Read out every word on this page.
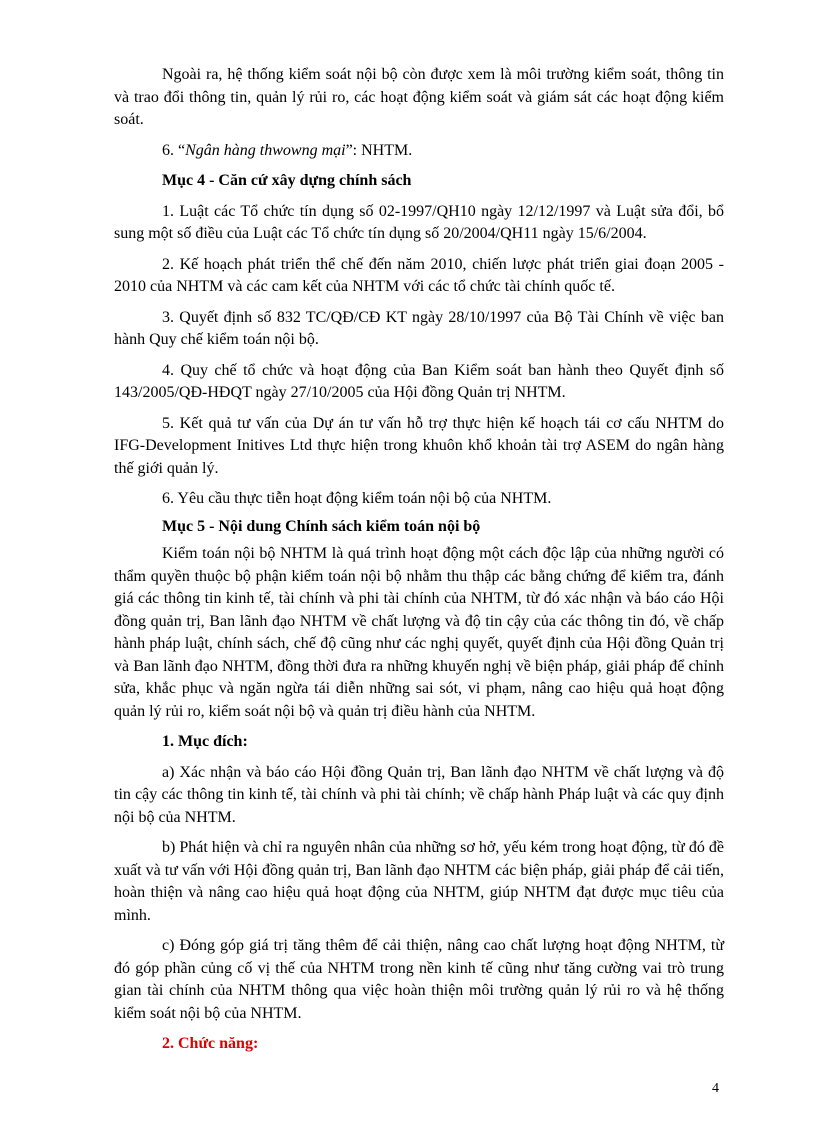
Ngoài ra, hệ thống kiểm soát nội bộ còn được xem là môi trường kiểm soát, thông tin và trao đổi thông tin, quản lý rủi ro, các hoạt động kiểm soát và giám sát các hoạt động kiểm soát.

6. “Ngân hàng thwowng mại”: NHTM.

Mục 4 - Căn cứ xây dựng chính sách

1. Luật các Tổ chức tín dụng số 02-1997/QH10 ngày 12/12/1997 và Luật sửa đổi, bổ sung một số điều của Luật các Tổ chức tín dụng số 20/2004/QH11 ngày 15/6/2004.

2. Kế hoạch phát triển thể chế đến năm 2010, chiến lược phát triển giai đoạn 2005 - 2010 của NHTM và các cam kết của NHTM với các tổ chức tài chính quốc tế.

3. Quyết định số 832 TC/QĐ/CĐ KT ngày 28/10/1997 của Bộ Tài Chính về việc ban hành Quy chế kiểm toán nội bộ.

4. Quy chế tổ chức và hoạt động của Ban Kiểm soát ban hành theo Quyết định số 143/2005/QĐ-HĐQT ngày 27/10/2005 của Hội đồng Quản trị NHTM.

5. Kết quả tư vấn của Dự án tư vấn hỗ trợ thực hiện kế hoạch tái cơ cấu NHTM do IFG-Development Initives Ltd thực hiện trong khuôn khổ khoản tài trợ ASEM do ngân hàng thế giới quản lý.

6. Yêu cầu thực tiễn hoạt động kiểm toán nội bộ của NHTM.

Mục 5 - Nội dung Chính sách kiểm toán nội bộ

Kiểm toán nội bộ NHTM là quá trình hoạt động một cách độc lập của những người có thẩm quyền thuộc bộ phận kiểm toán nội bộ nhằm thu thập các bằng chứng để kiểm tra, đánh giá các thông tin kinh tế, tài chính và phi tài chính của NHTM, từ đó xác nhận và báo cáo Hội đồng quản trị, Ban lãnh đạo NHTM về chất lượng và độ tin cậy của các thông tin đó, về chấp hành pháp luật, chính sách, chế độ cũng như các nghị quyết, quyết định của Hội đồng Quản trị và Ban lãnh đạo NHTM, đồng thời đưa ra những khuyến nghị về biện pháp, giải pháp để chỉnh sửa, khắc phục và ngăn ngừa tái diễn những sai sót, vi phạm, nâng cao hiệu quả hoạt động quản lý rủi ro, kiểm soát nội bộ và quản trị điều hành của NHTM.

1. Mục đích:

a) Xác nhận và báo cáo Hội đồng Quản trị, Ban lãnh đạo NHTM về chất lượng và độ tin cậy các thông tin kinh tế, tài chính và phi tài chính; về chấp hành Pháp luật và các quy định nội bộ của NHTM.

b) Phát hiện và chỉ ra nguyên nhân của những sơ hở, yếu kém trong hoạt động, từ đó đề xuất và tư vấn với Hội đồng quản trị, Ban lãnh đạo NHTM các biện pháp, giải pháp để cải tiến, hoàn thiện và nâng cao hiệu quả hoạt động của NHTM, giúp NHTM đạt được mục tiêu của mình.

c) Đóng góp giá trị tăng thêm để cải thiện, nâng cao chất lượng hoạt động NHTM, từ đó góp phần củng cố vị thế của NHTM trong nền kinh tế cũng như tăng cường vai trò trung gian tài chính của NHTM thông qua việc hoàn thiện môi trường quản lý rủi ro và hệ thống kiểm soát nội bộ của NHTM.

2. Chức năng:

4
